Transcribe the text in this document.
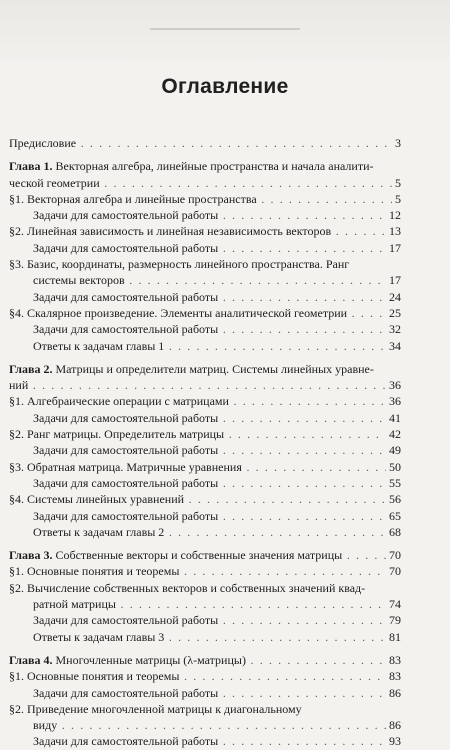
Оглавление
Предисловие . . .	3
Глава 1. Векторная алгебра, линейные пространства и начала аналити-
ческой геометрии . . .	5
§1. Векторная алгебра и линейные пространства . . .	5
Задачи для самостоятельной работы . . .	12
§2. Линейная зависимость и линейная независимость векторов . . .	13
Задачи для самостоятельной работы . . .	17
§3. Базис, координаты, размерность линейного пространства. Ранг
системы векторов . . .	17
Задачи для самостоятельной работы . . .	24
§4. Скалярное произведение. Элементы аналитической геометрии . . .	25
Задачи для самостоятельной работы . . .	32
Ответы к задачам главы 1 . . .	34
Глава 2. Матрицы и определители матриц. Системы линейных уравне-
ний . . .	36
§1. Алгебраические операции с матрицами . . .	36
Задачи для самостоятельной работы . . .	41
§2. Ранг матрицы. Определитель матрицы . . .	42
Задачи для самостоятельной работы . . .	49
§3. Обратная матрица. Матричные уравнения . . .	50
Задачи для самостоятельной работы . . .	55
§4. Системы линейных уравнений . . .	56
Задачи для самостоятельной работы . . .	65
Ответы к задачам главы 2 . . .	68
Глава 3. Собственные векторы и собственные значения матрицы . . .	70
§1. Основные понятия и теоремы . . .	70
§2. Вычисление собственных векторов и собственных значений квад-
ратной матрицы . . .	74
Задачи для самостоятельной работы . . .	79
Ответы к задачам главы 3 . . .	81
Глава 4. Многочленные матрицы (λ-матрицы) . . .	83
§1. Основные понятия и теоремы . . .	83
Задачи для самостоятельной работы . . .	86
§2. Приведение многочленной матрицы к диагональному
виду . . .	86
Задачи для самостоятельной работы . . .	93
